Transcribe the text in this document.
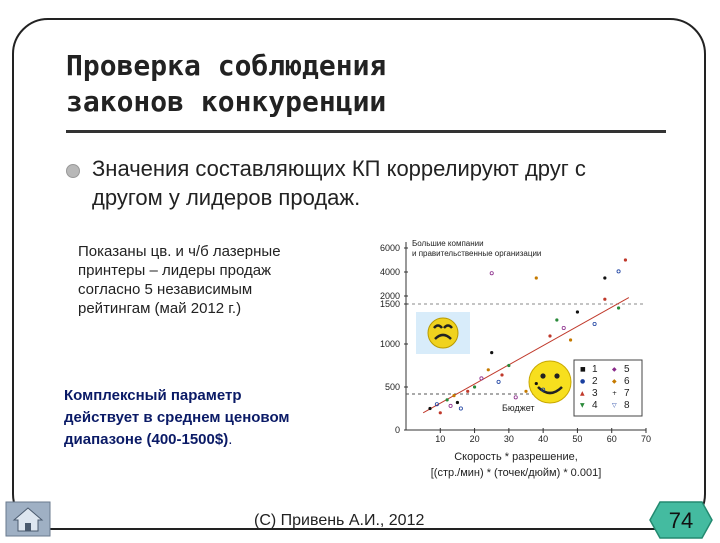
Проверка соблюдения
законов конкуренции

Значения составляющих КП коррелируют друг с другом у лидеров продаж.

Показаны цв. и ч/б лазерные принтеры – лидеры продаж согласно 5 независимым рейтингам (май 2012 г.)

Комплексный параметр действует в среднем ценовом диапазоне (400-1500$).

Большие компании
и правительственные организации
Бюджет
■ 1
● 2
▲ 3
▼ 4
◆ 5
◆ 6
+ 7
▽ 8
6000
4000
2000
1500
1000
500
0
10	20	30	40	50	60	70
Скорость * разрешение,
[(стр./мин) * (точек/дюйм) * 0.001]
(С) Привень А.И., 2012	74
